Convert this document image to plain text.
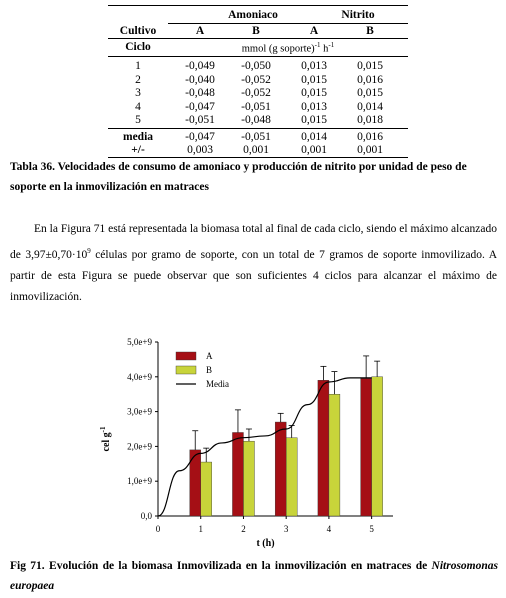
Amoniaco	Nitrito
Cultivo	A	B	A	B
Ciclo	mmol (g soporte)$^{-1}$ $h^{-1}$
1	-0,049	-0,050	0,013	0,015
2	-0,040	-0,052	0,015	0,016
3	-0,048	-0,052	0,015	0,015
4	-0,047	-0,051	0,013	0,014
5	-0,051	-0,048	0,015	0,018
media	-0,047	-0,051	0,014	0,016
+/-	0,003	0,001	0,001	0,001
Tabla 36. Velocidades de consumo de amoniaco y producción de nitrito por unidad de peso de soporte en la inmovilización en matraces

En la Figura 71 está representada la biomasa total al final de cada ciclo, siendo el máximo alcanzado de $3,97\pm 0,70\cdot 10^9$ células por gramo de soporte, con un total de 7 gramos de soporte inmovilizado. A partir de esta Figura se puede observar que son suficientes 4 ciclos para alcanzar el máximo de inmovilización.

0,0
1,0e+9
2,0e+9
3,0e+9
4,0e+9
5,0e+9
0	1	2	3	4	5
A
B
Media
t (h)
cel $g^{-1}$
Fig 71. Evolución de la biomasa Inmovilizada en la inmovilización en matraces de Nitrosomonas europaea
